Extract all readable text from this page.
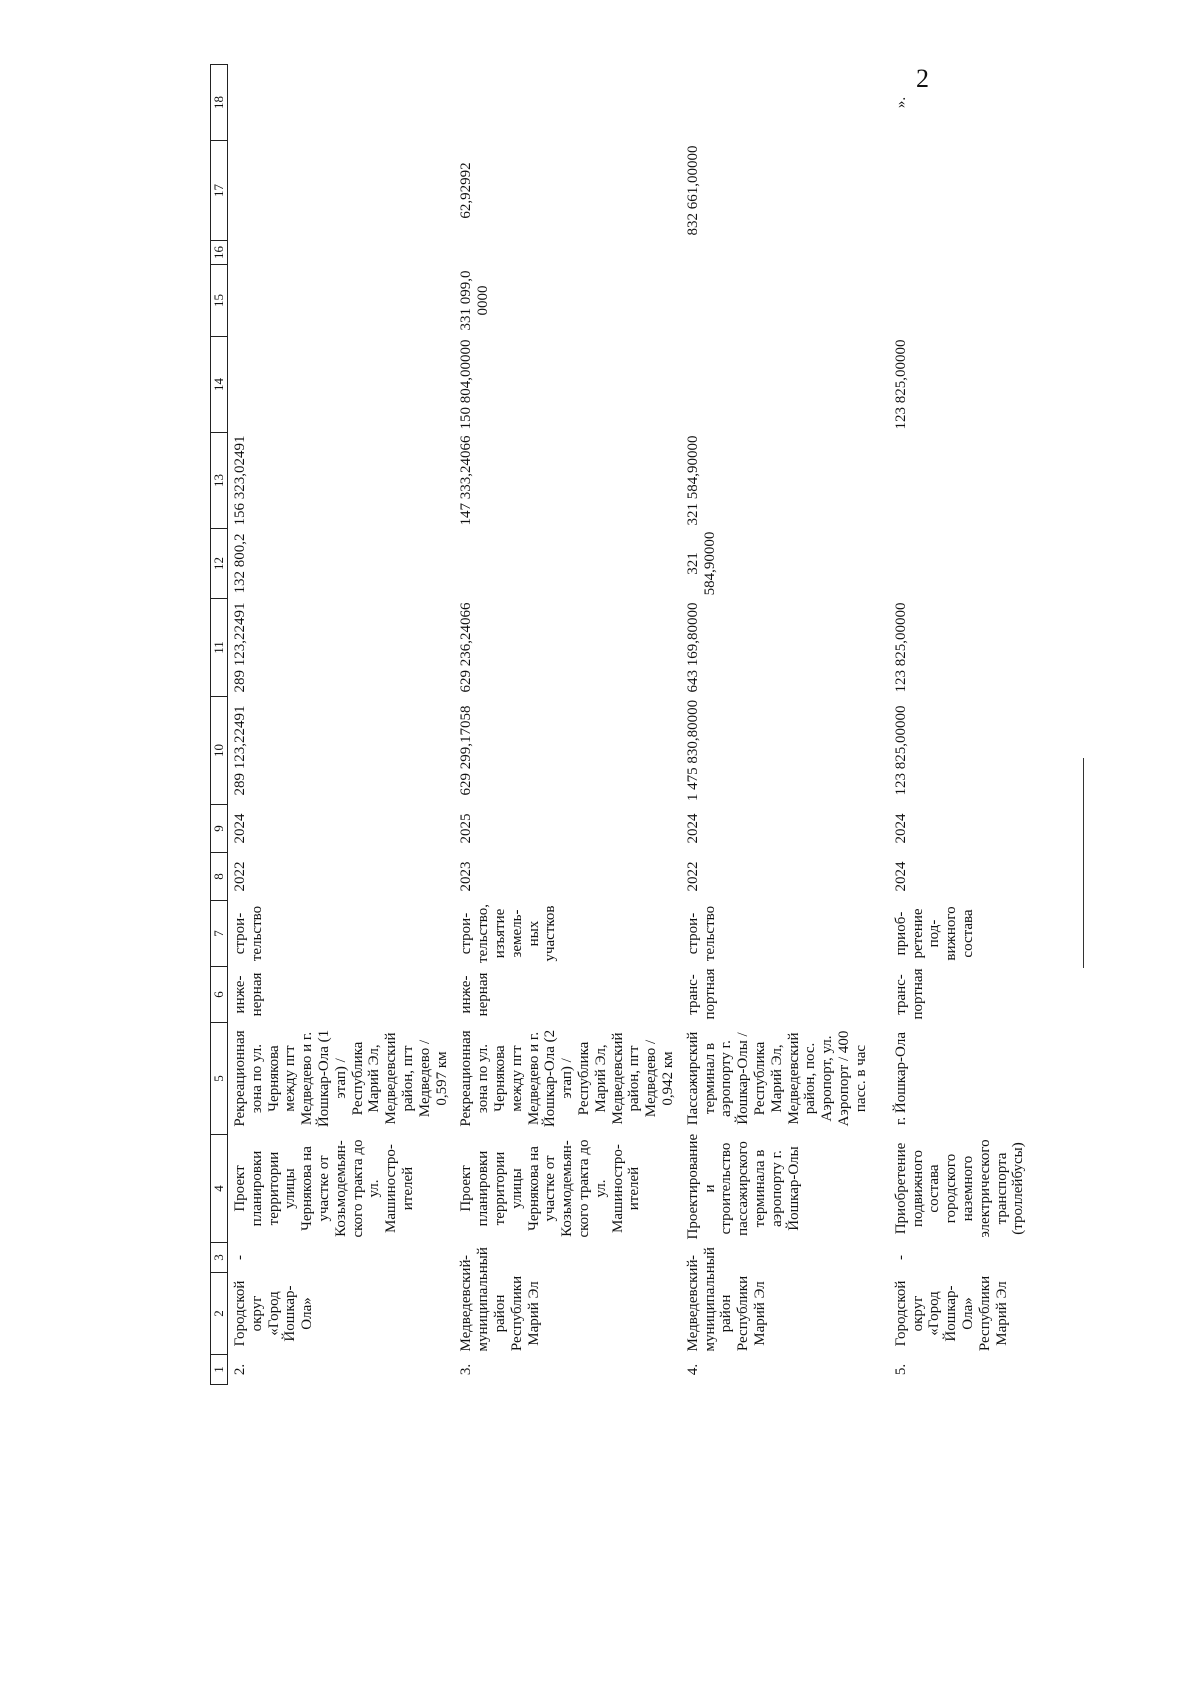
2
1	2	3	4	5	6	7	8	9	10	11	12	13	14	15	16	17	18
2.	Городской округ «Город Йошкар-Ола»	-	Проект планировки территории улицы Чернякова на участке от Козьмодемьян-ского тракта до ул. Машиностро-ителей	Рекреационная зона по ул. Чернякова между пгт Медведево и г. Йошкар-Ола (1 этап) / Республика Марий Эл, Медведевский район, пгт Медведево / 0,597 км	инже-нерная	строи-тельство	2022	2024	289 123,22491	289 123,22491	132 800,2	156 323,02491					
3.	Медведевский муниципальный район Республики Марий Эл	-	Проект планировки территории улицы Чернякова на участке от Козьмодемьян-ского тракта до ул. Машиностро-ителей	Рекреационная зона по ул. Чернякова между пгт Медведево и г. Йошкар-Ола (2 этап) / Республика Марий Эл, Медведевский район, пгт Медведево / 0,942 км	инже-нерная	строи-тельство, изъятие земель-ных участков	2023	2025	629 299,17058	629 236,24066		147 333,24066	150 804,00000	331 099,0 0000		62,92992	
4.	Медведевский муниципальный район Республики Марий Эл	-	Проектирование и строительство пассажирского терминала в аэропорту г. Йошкар-Олы	Пассажирский терминал в аэропорту г. Йошкар-Олы / Республика Марий Эл, Медведевский район, пос. Аэропорт, ул. Аэропорт / 400 пасс. в час	транс-портная	строи-тельство	2022	2024	1 475 830,80000	643 169,80000	321 584,90000	321 584,90000				832 661,00000	
5.	Городской округ «Город Йошкар-Ола» Республики Марий Эл	-	Приобретение подвижного состава городского наземного электрического транспорта (троллейбусы)	г. Йошкар-Ола	транс-портная	приоб-ретение под-вижного состава	2024	2024	123 825,00000	123 825,00000			123 825,00000				».
